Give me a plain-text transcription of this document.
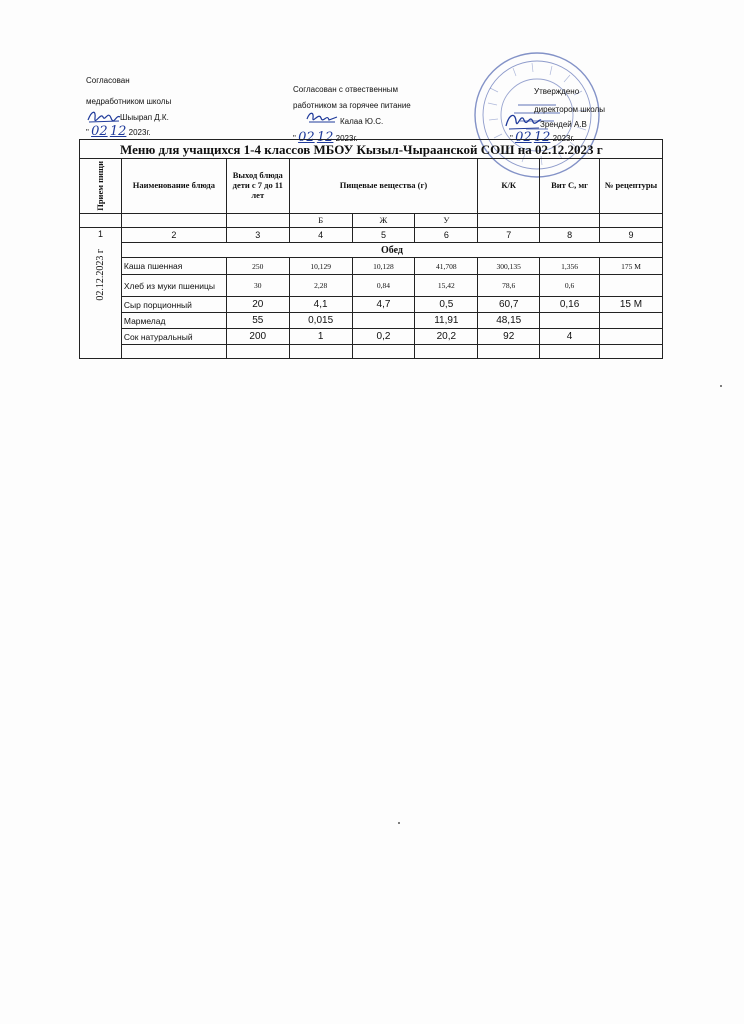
Согласован
медработником школы
Шыырап Д.К.
" 02 12 2023г.
Согласован с отвественным
работником за горячее питание
Калаа Ю.С.
" 02 12 2023г.
Утверждено
директором школы
Зрендей А.В
" 02 12 2023г.
Меню для учащихся 1-4 классов МБОУ Кызыл-Чыраанской СОШ на 02.12.2023 г
Прием пищи	Наименование блюда	Выход блюда дети с 7 до 11 лет	Пищевые вещества (г)			К/К	Вит С, мг	№ рецептуры
			Б	Ж	У			

1
02.12.2023 г	2	3	4	5	6	7	8	9
	Обед							
	Каша пшенная	250	10,129	10,128	41,708	300,135	1,356	175 М
	Хлеб из муки пшеницы	30	2,28	0,84	15,42	78,6	0,6	
	Сыр порционный	20	4,1	4,7	0,5	60,7	0,16	15 М
	Мармелад	55	0,015		11,91	48,15		
	Сок натуральный	200	1	0,2	20,2	92	4	
